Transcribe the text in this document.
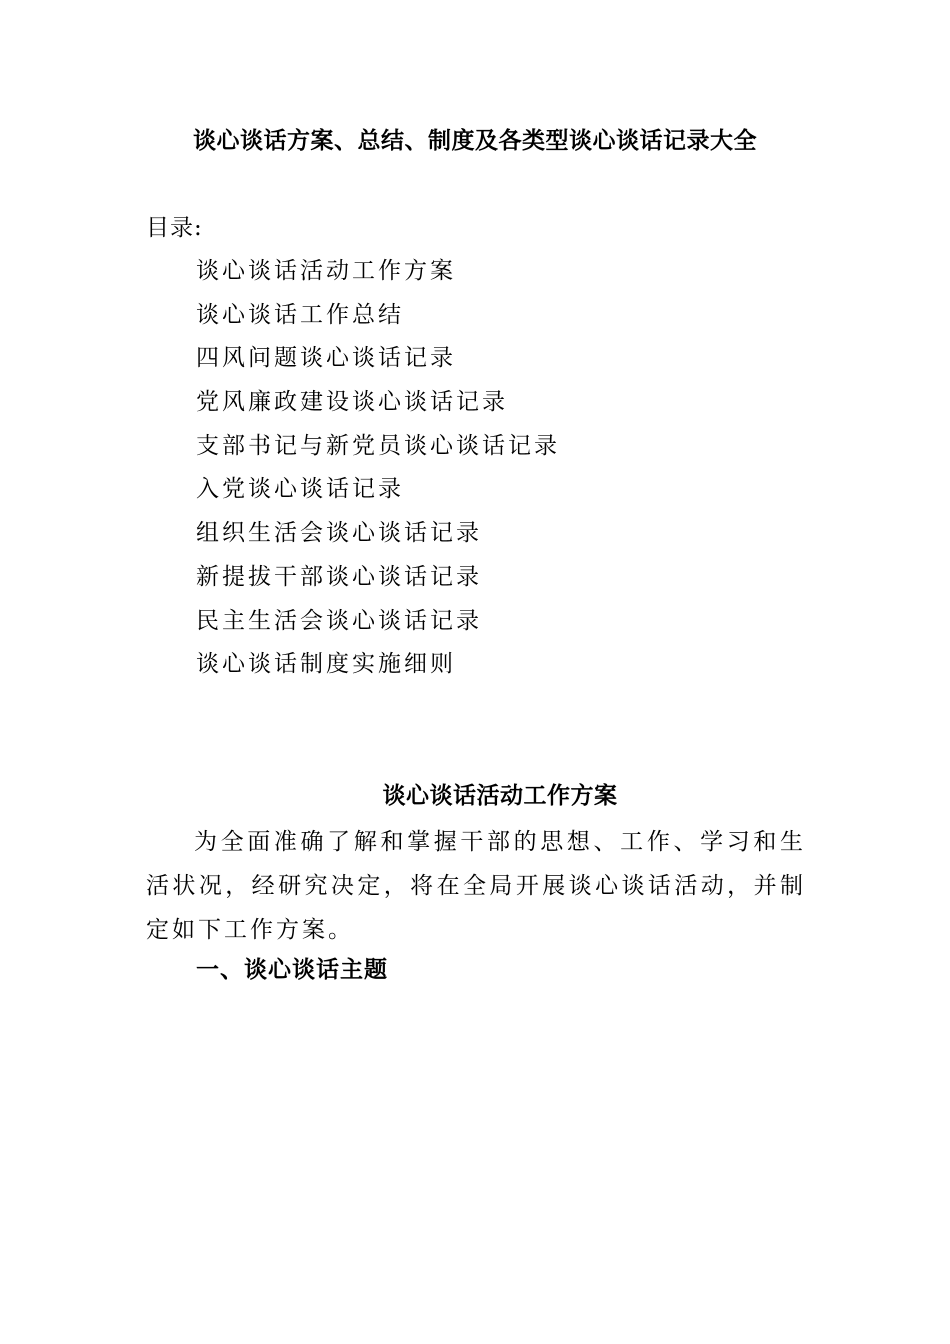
谈心谈话方案、总结、制度及各类型谈心谈话记录大全
目录:
谈心谈话活动工作方案
谈心谈话工作总结
四风问题谈心谈话记录
党风廉政建设谈心谈话记录
支部书记与新党员谈心谈话记录
入党谈心谈话记录
组织生活会谈心谈话记录
新提拔干部谈心谈话记录
民主生活会谈心谈话记录
谈心谈话制度实施细则
谈心谈话活动工作方案

为全面准确了解和掌握干部的思想、工作、学习和生活状况，经研究决定，将在全局开展谈心谈话活动，并制定如下工作方案。

一、谈心谈话主题
